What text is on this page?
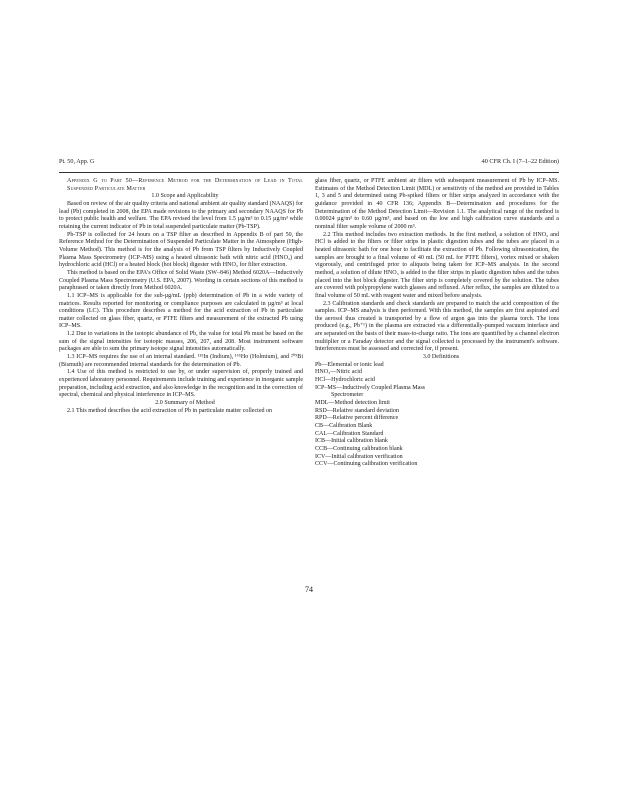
Pt. 50, App. G	40 CFR Ch. I (7–1–22 Edition)

Appendix G to Part 50—Reference Method for the Determination of Lead in Total Suspended Particulate Matter

1.0 Scope and Applicability

Based on review of the air quality criteria and national ambient air quality standard (NAAQS) for lead (Pb) completed in 2008, the EPA made revisions to the primary and secondary NAAQS for Pb to protect public health and welfare. The EPA revised the level from 1.5 µg/m³ to 0.15 µg/m³ while retaining the current indicator of Pb in total suspended particulate matter (Pb-TSP).

Pb-TSP is collected for 24 hours on a TSP filter as described in Appendix B of part 50, the Reference Method for the Determination of Suspended Particulate Matter in the Atmosphere (High-Volume Method). This method is for the analysis of Pb from TSP filters by Inductively Coupled Plasma Mass Spectrometry (ICP–MS) using a heated ultrasonic bath with nitric acid (HNO₃) and hydrochloric acid (HCl) or a heated block (hot block) digester with HNO₃ for filter extraction.

This method is based on the EPA's Office of Solid Waste (SW–846) Method 6020A—Inductively Coupled Plasma Mass Spectrometry (U.S. EPA, 2007). Wording in certain sections of this method is paraphrased or taken directly from Method 6020A.

1.1 ICP–MS is applicable for the sub-µg/mL (ppb) determination of Pb in a wide variety of matrices. Results reported for monitoring or compliance purposes are calculated in µg/m³ at local conditions (LC). This procedure describes a method for the acid extraction of Pb in particulate matter collected on glass fiber, quartz, or PTFE filters and measurement of the extracted Pb using ICP–MS.

1.2 Due to variations in the isotopic abundance of Pb, the value for total Pb must be based on the sum of the signal intensities for isotopic masses, 206, 207, and 208. Most instrument software packages are able to sum the primary isotope signal intensities automatically.

1.3 ICP–MS requires the use of an internal standard. ¹¹⁵In (Indium), ¹⁶⁵Ho (Holmium), and ²⁰⁹Bi (Bismuth) are recommended internal standards for the determination of Pb.

1.4 Use of this method is restricted to use by, or under supervision of, properly trained and experienced laboratory personnel. Requirements include training and experience in inorganic sample preparation, including acid extraction, and also knowledge in the recognition and in the correction of spectral, chemical and physical interference in ICP–MS.

2.0 Summary of Method

2.1 This method describes the acid extraction of Pb in particulate matter collected on

glass fiber, quartz, or PTFE ambient air filters with subsequent measurement of Pb by ICP–MS. Estimates of the Method Detection Limit (MDL) or sensitivity of the method are provided in Tables 1, 3 and 5 and determined using Pb-spiked filters or filter strips analyzed in accordance with the guidance provided in 40 CFR 136; Appendix B—Determination and procedures for the Determination of the Method Detection Limit—Revision 1.1. The analytical range of the method is 0.00024 µg/m³ to 0.60 µg/m³, and based on the low and high calibration curve standards and a nominal filter sample volume of 2000 m³.

2.2 This method includes two extraction methods. In the first method, a solution of HNO₃ and HCl is added to the filters or filter strips in plastic digestion tubes and the tubes are placed in a heated ultrasonic bath for one hour to facilitate the extraction of Pb. Following ultrasonication, the samples are brought to a final volume of 40 mL (50 mL for PTFE filters), vortex mixed or shaken vigorously, and centrifuged prior to aliquots being taken for ICP–MS analysis. In the second method, a solution of dilute HNO₃ is added to the filter strips in plastic digestion tubes and the tubes placed into the hot block digester. The filter strip is completely covered by the solution. The tubes are covered with polypropylene watch glasses and refluxed. After reflux, the samples are diluted to a final volume of 50 mL with reagent water and mixed before analysis.

2.3 Calibration standards and check standards are prepared to match the acid composition of the samples. ICP–MS analysis is then performed. With this method, the samples are first aspirated and the aerosol thus created is transported by a flow of argon gas into the plasma torch. The ions produced (e.g., Pb⁺¹) in the plasma are extracted via a differentially-pumped vacuum interface and are separated on the basis of their mass-to-charge ratio. The ions are quantified by a channel electron multiplier or a Faraday detector and the signal collected is processed by the instrument's software. Interferences must be assessed and corrected for, if present.

3.0 Definitions

Pb—Elemental or ionic lead
HNO₃—Nitric acid
HCl—Hydrochloric acid
ICP–MS—Inductively Coupled Plasma Mass
Spectrometer
MDL—Method detection limit
RSD—Relative standard deviation
RPD—Relative percent difference
CB—Calibration Blank
CAL—Calibration Standard
ICB—Initial calibration blank
CCB—Continuing calibration blank
ICV—Initial calibration verification
CCV—Continuing calibration verification
74
